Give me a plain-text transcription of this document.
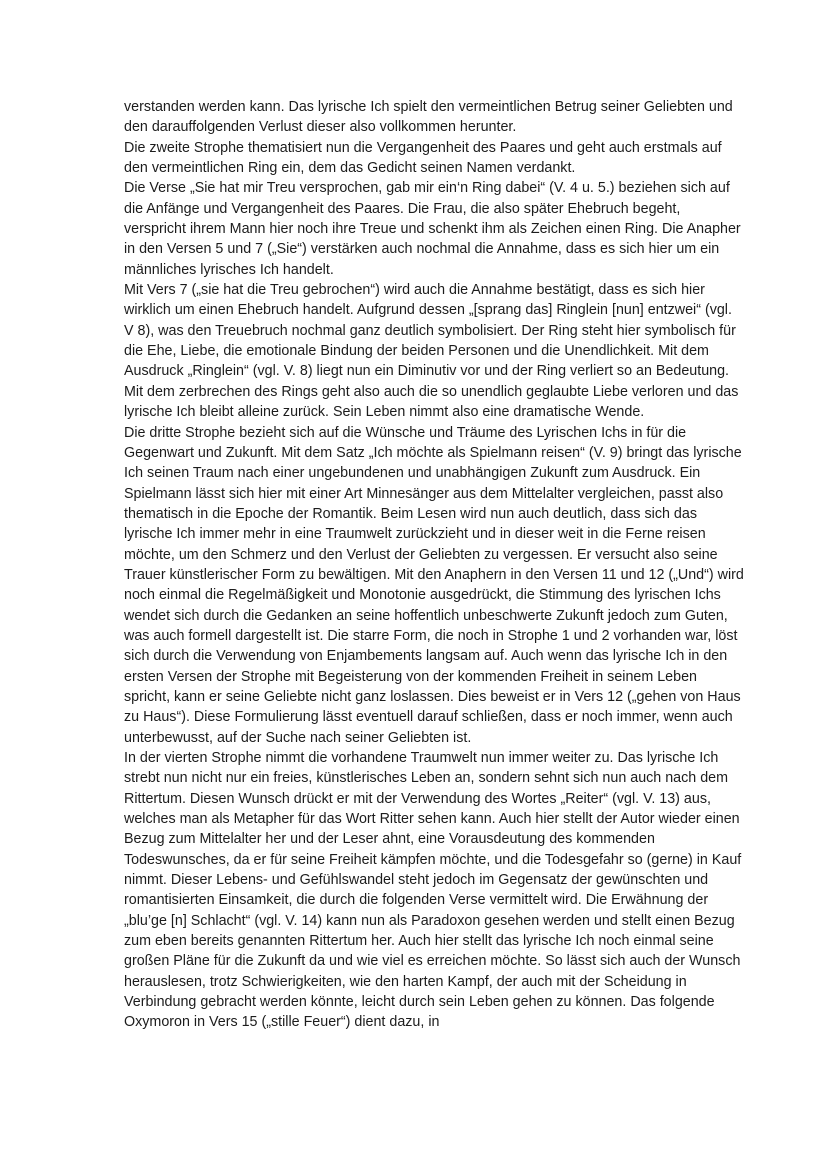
verstanden werden kann. Das lyrische Ich spielt den vermeintlichen Betrug seiner Geliebten und den darauffolgenden Verlust dieser also vollkommen herunter.

Die zweite Strophe thematisiert nun die Vergangenheit des Paares und geht auch erstmals auf den vermeintlichen Ring ein, dem das Gedicht seinen Namen verdankt.

Die Verse „Sie hat mir Treu versprochen, gab mir ein‘n Ring dabei“ (V. 4 u. 5.) beziehen sich auf die Anfänge und Vergangenheit des Paares. Die Frau, die also später Ehebruch begeht, verspricht ihrem Mann hier noch ihre Treue und schenkt ihm als Zeichen einen Ring. Die Anapher in den Versen 5 und 7 („Sie“) verstärken auch nochmal die Annahme, dass es sich hier um ein männliches lyrisches Ich handelt.

Mit Vers 7 („sie hat die Treu gebrochen“) wird auch die Annahme bestätigt, dass es sich hier wirklich um einen Ehebruch handelt. Aufgrund dessen „[sprang das] Ringlein [nun] entzwei“ (vgl. V 8), was den Treuebruch nochmal ganz deutlich symbolisiert. Der Ring steht hier symbolisch für die Ehe, Liebe, die emotionale Bindung der beiden Personen und die Unendlichkeit. Mit dem Ausdruck „Ringlein“ (vgl. V. 8) liegt nun ein Diminutiv vor und der Ring verliert so an Bedeutung. Mit dem zerbrechen des Rings geht also auch die so unendlich geglaubte Liebe verloren und das lyrische Ich bleibt alleine zurück. Sein Leben nimmt also eine dramatische Wende.

Die dritte Strophe bezieht sich auf die Wünsche und Träume des Lyrischen Ichs in für die Gegenwart und Zukunft. Mit dem Satz „Ich möchte als Spielmann reisen“ (V. 9) bringt das lyrische Ich seinen Traum nach einer ungebundenen und unabhängigen Zukunft zum Ausdruck. Ein Spielmann lässt sich hier mit einer Art Minnesänger aus dem Mittelalter vergleichen, passt also thematisch in die Epoche der Romantik. Beim Lesen wird nun auch deutlich, dass sich das lyrische Ich immer mehr in eine Traumwelt zurückzieht und in dieser weit in die Ferne reisen möchte, um den Schmerz und den Verlust der Geliebten zu vergessen. Er versucht also seine Trauer künstlerischer Form zu bewältigen. Mit den Anaphern in den Versen 11 und 12 („Und“) wird noch einmal die Regelmäßigkeit und Monotonie ausgedrückt, die Stimmung des lyrischen Ichs wendet sich durch die Gedanken an seine hoffentlich unbeschwerte Zukunft jedoch zum Guten, was auch formell dargestellt ist. Die starre Form, die noch in Strophe 1 und 2 vorhanden war, löst sich durch die Verwendung von Enjambements langsam auf. Auch wenn das lyrische Ich in den ersten Versen der Strophe mit Begeisterung von der kommenden Freiheit in seinem Leben spricht, kann er seine Geliebte nicht ganz loslassen. Dies beweist er in Vers 12 („gehen von Haus zu Haus“). Diese Formulierung lässt eventuell darauf schließen, dass er noch immer, wenn auch unterbewusst, auf der Suche nach seiner Geliebten ist.

In der vierten Strophe nimmt die vorhandene Traumwelt nun immer weiter zu. Das lyrische Ich strebt nun nicht nur ein freies, künstlerisches Leben an, sondern sehnt sich nun auch nach dem Rittertum. Diesen Wunsch drückt er mit der Verwendung des Wortes „Reiter“ (vgl. V. 13) aus, welches man als Metapher für das Wort Ritter sehen kann. Auch hier stellt der Autor wieder einen Bezug zum Mittelalter her und der Leser ahnt, eine Vorausdeutung des kommenden Todeswunsches, da er für seine Freiheit kämpfen möchte, und die Todesgefahr so (gerne) in Kauf nimmt. Dieser Lebens- und Gefühlswandel steht jedoch im Gegensatz der gewünschten und romantisierten Einsamkeit, die durch die folgenden Verse vermittelt wird. Die Erwähnung der „blu’ge [n] Schlacht“ (vgl. V. 14) kann nun als Paradoxon gesehen werden und stellt einen Bezug zum eben bereits genannten Rittertum her. Auch hier stellt das lyrische Ich noch einmal seine großen Pläne für die Zukunft da und wie viel es erreichen möchte. So lässt sich auch der Wunsch herauslesen, trotz Schwierigkeiten, wie den harten Kampf, der auch mit der Scheidung in Verbindung gebracht werden könnte, leicht durch sein Leben gehen zu können. Das folgende Oxymoron in Vers 15 („stille Feuer“) dient dazu, in
